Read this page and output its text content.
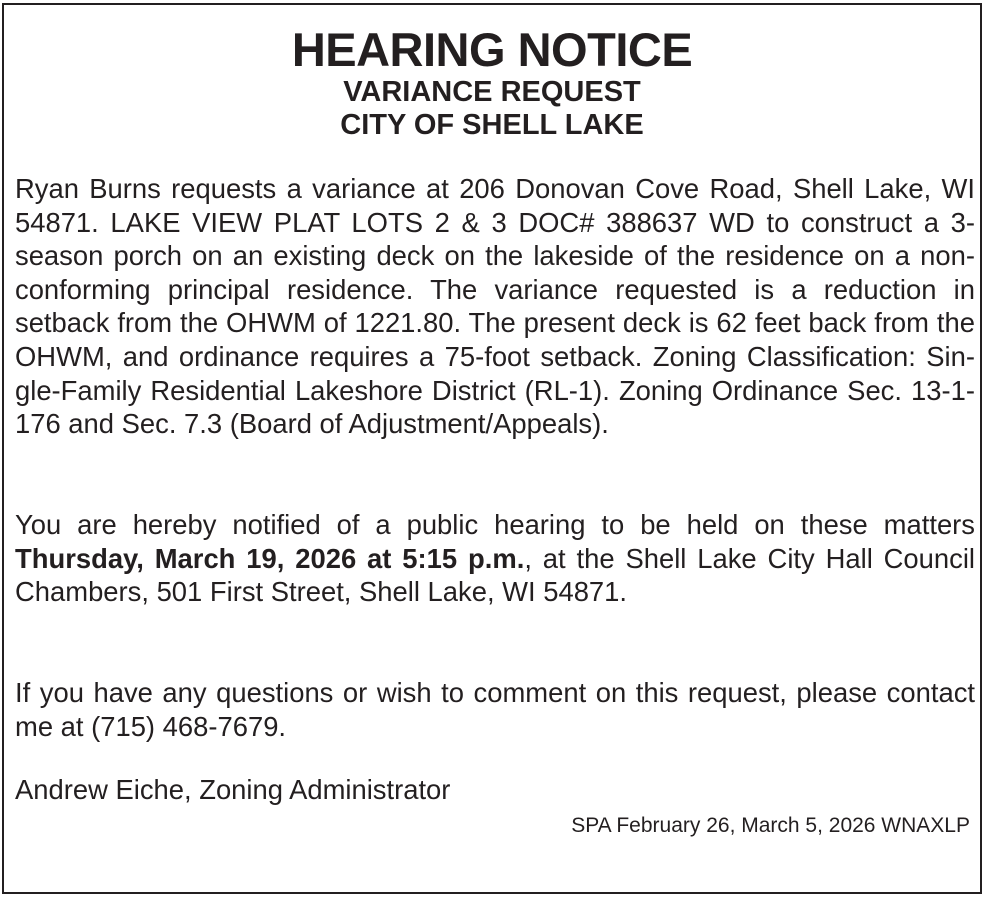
HEARING NOTICE
VARIANCE REQUEST
CITY OF SHELL LAKE

Ryan Burns requests a variance at 206 Donovan Cove Road, Shell Lake, WI 54871. LAKE VIEW PLAT LOTS 2 & 3 DOC# 388637 WD to construct a 3-season porch on an existing deck on the lakeside of the residence on a non-conforming principal residence. The variance requested is a reduction in setback from the OHWM of 1221.80. The present deck is 62 feet back from the OHWM, and ordinance requires a 75-foot setback. Zoning Classification: Single-Family Residential Lakeshore District (RL-1). Zoning Ordinance Sec. 13-1-176 and Sec. 7.3 (Board of Adjustment/Appeals).

You are hereby notified of a public hearing to be held on these matters Thursday, March 19, 2026 at 5:15 p.m., at the Shell Lake City Hall Council Chambers, 501 First Street, Shell Lake, WI 54871.

If you have any questions or wish to comment on this request, please contact me at (715) 468-7679.

Andrew Eiche, Zoning Administrator
SPA February 26, March 5, 2026 WNAXLP
